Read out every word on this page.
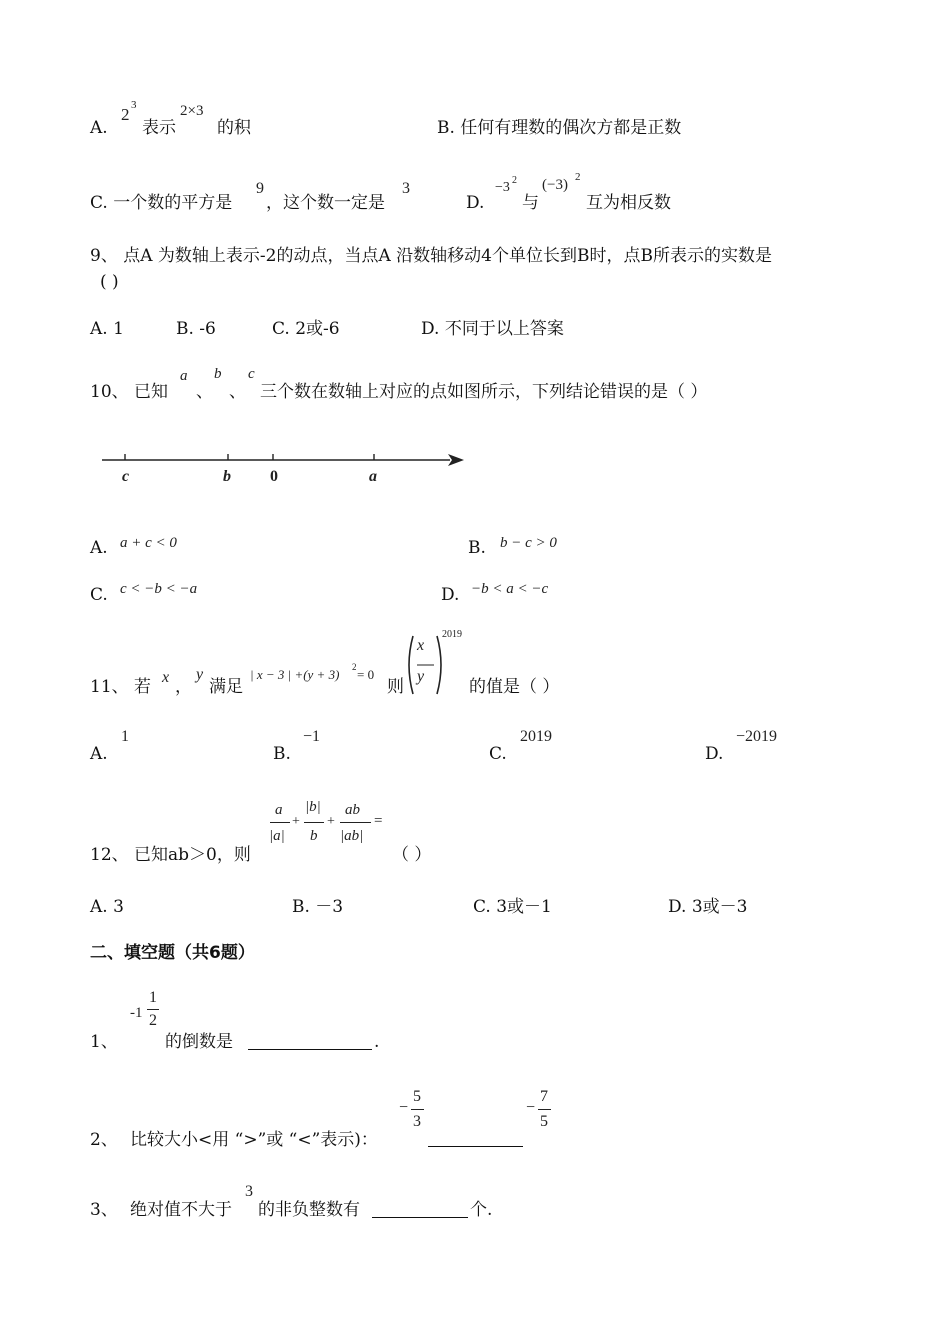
A.
2 3
表示
2×3
的积	B. 任何有理数的偶次方都是正数
C. 一个数的平方是
9
，这个数一定是
3
D.
−3 2
与
(−3) 2
互为相反数
9、 点A 为数轴上表示-2的动点，当点A 沿数轴移动4个单位长到B时，点B所表示的实数是
( )
A. 1	B. -6	C. 2或-6	D. 不同于以上答案
10、 已知
a
、
b
、
c
三个数在数轴上对应的点如图所示，下列结论错误的是（ ）
c	b 0	a
A. a + c < 0	B. b − c > 0
C. c < −b < −a	D. −b < a < −c
11、 若 x ，
y
满足
| x − 3 | +(y + 3) 2 = 0
则
x
y
2019
的值是（ ）
A.
1
B.
−1
C.
2019
D.
−2019
12、 已知ab＞0，则
a
|a|
+
|b|
b
+
ab
|ab|
=
（ ）
A. 3	B. －3	C. 3或－1	D. 3或－3
二、填空题（共6题）
1、
-1
1
2
的倒数是	.
2、 比较大小<用 “>”或 “<”表示)：
−
5
3
−
7
5
3、 绝对值不大于
3
的非负整数有	个.
